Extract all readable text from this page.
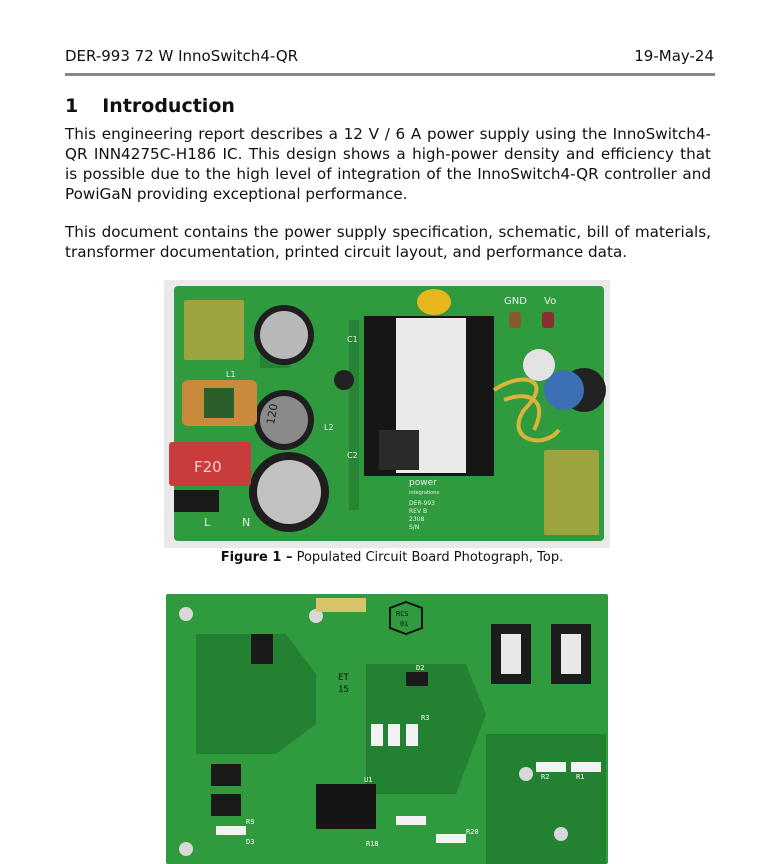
DER-993 72 W InnoSwitch4-QR	19-May-24
1 Introduction

This engineering report describes a 12 V / 6 A power supply using the InnoSwitch4-QR INN4275C-H186 IC. This design shows a high-power density and efficiency that is possible due to the high level of integration of the InnoSwitch4-QR controller and PowiGaN providing exceptional performance.

This document contains the power supply specification, schematic, bill of materials, transformer documentation, printed circuit layout, and performance data.

F20
GND Vo
L1
C1
C2
L2
L	N
power
integrations
DER-993
REV B
2308
S/N
120
Figure 1 – Populated Circuit Board Photograph, Top.
RCS
01
ET
15
U1
D2
R2	R1
R3
R9
D3	R18
R20
